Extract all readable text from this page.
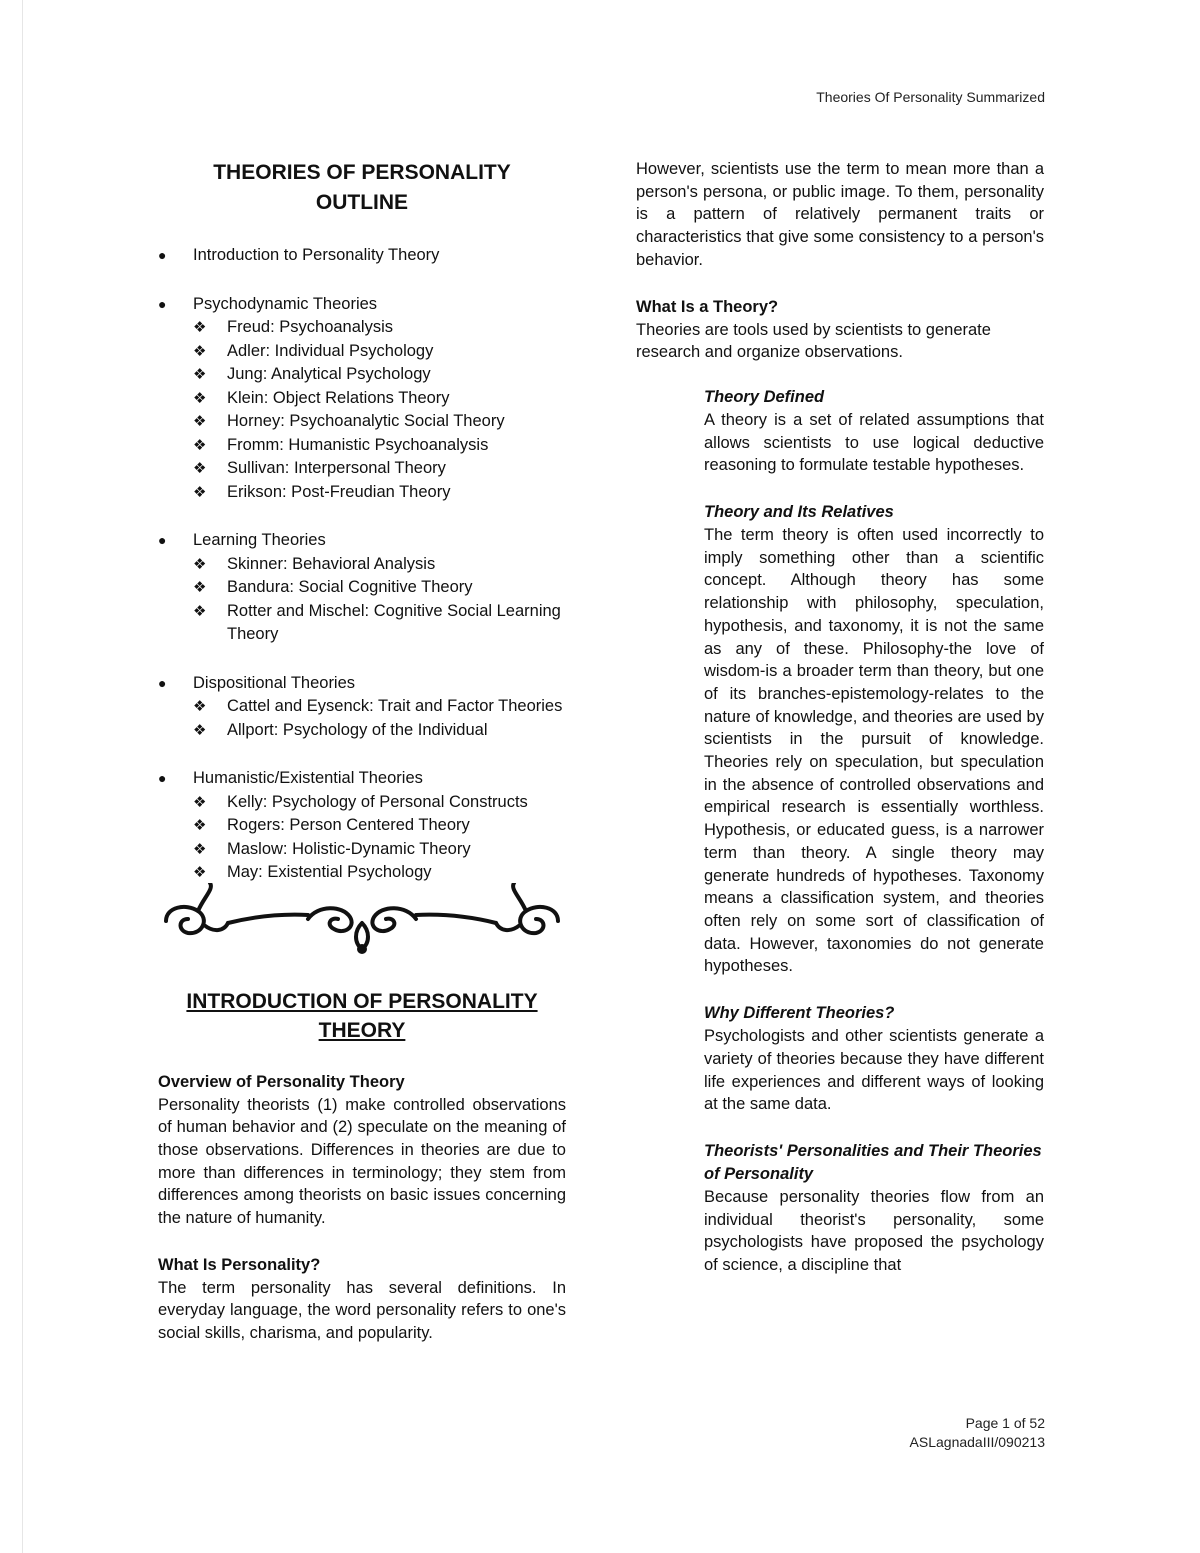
Theories Of Personality Summarized
THEORIES OF PERSONALITY
OUTLINE
● Introduction to Personality Theory
● Psychodynamic Theories
❖ Freud: Psychoanalysis
❖ Adler: Individual Psychology
❖ Jung: Analytical Psychology
❖ Klein: Object Relations Theory
❖ Horney: Psychoanalytic Social Theory
❖ Fromm: Humanistic Psychoanalysis
❖ Sullivan: Interpersonal Theory
❖ Erikson: Post-Freudian Theory
● Learning Theories
❖ Skinner: Behavioral Analysis
❖ Bandura: Social Cognitive Theory
❖ Rotter and Mischel: Cognitive Social Learning Theory
● Dispositional Theories
❖ Cattel and Eysenck: Trait and Factor Theories
❖ Allport: Psychology of the Individual
● Humanistic/Existential Theories
❖ Kelly: Psychology of Personal Constructs
❖ Rogers: Person Centered Theory
❖ Maslow: Holistic-Dynamic Theory
❖ May: Existential Psychology
INTRODUCTION OF PERSONALITY
THEORY

Overview of Personality Theory

Personality theorists (1) make controlled observations of human behavior and (2) speculate on the meaning of those observations. Differences in theories are due to more than differences in terminology; they stem from differences among theorists on basic issues concerning the nature of humanity.

What Is Personality?

The term personality has several definitions. In everyday language, the word personality refers to one's social skills, charisma, and popularity.

However, scientists use the term to mean more than a person's persona, or public image. To them, personality is a pattern of relatively permanent traits or characteristics that give some consistency to a person's behavior.

What Is a Theory?

Theories are tools used by scientists to generate research and organize observations.

Theory Defined

A theory is a set of related assumptions that allows scientists to use logical deductive reasoning to formulate testable hypotheses.

Theory and Its Relatives

The term theory is often used incorrectly to imply something other than a scientific concept. Although theory has some relationship with philosophy, speculation, hypothesis, and taxonomy, it is not the same as any of these. Philosophy-the love of wisdom-is a broader term than theory, but one of its branches-epistemology-relates to the nature of knowledge, and theories are used by scientists in the pursuit of knowledge. Theories rely on speculation, but speculation in the absence of controlled observations and empirical research is essentially worthless. Hypothesis, or educated guess, is a narrower term than theory. A single theory may generate hundreds of hypotheses. Taxonomy means a classification system, and theories often rely on some sort of classification of data. However, taxonomies do not generate hypotheses.

Why Different Theories?

Psychologists and other scientists generate a variety of theories because they have different life experiences and different ways of looking at the same data.

Theorists' Personalities and Their Theories of Personality

Because personality theories flow from an individual theorist's personality, some psychologists have proposed the psychology of science, a discipline that

Page 1 of 52
ASLagnadaIII/090213
